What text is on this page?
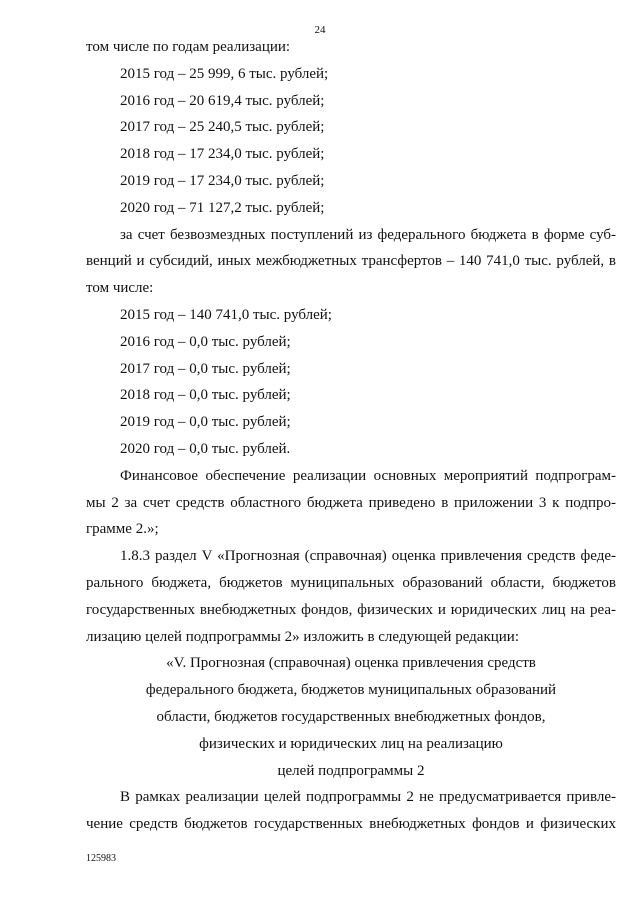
24
том числе по годам реализации:
2015 год – 25 999, 6 тыс. рублей;
2016 год – 20 619,4 тыс. рублей;
2017 год – 25 240,5 тыс. рублей;
2018 год – 17 234,0 тыс. рублей;
2019 год – 17 234,0 тыс. рублей;
2020 год – 71 127,2 тыс. рублей;
за счет безвозмездных поступлений из федерального бюджета в форме суб-
венций и субсидий, иных межбюджетных трансфертов – 140 741,0 тыс. рублей, в
том числе:
2015 год – 140 741,0 тыс. рублей;
2016 год – 0,0 тыс. рублей;
2017 год – 0,0 тыс. рублей;
2018 год – 0,0 тыс. рублей;
2019 год – 0,0 тыс. рублей;
2020 год – 0,0 тыс. рублей.
Финансовое обеспечение реализации основных мероприятий подпрограм-
мы 2 за счет средств областного бюджета приведено в приложении 3 к подпро-
грамме 2.»;
1.8.3 раздел V «Прогнозная (справочная) оценка привлечения средств феде-
рального бюджета, бюджетов муниципальных образований области, бюджетов
государственных внебюджетных фондов, физических и юридических лиц на реа-
лизацию целей подпрограммы 2» изложить в следующей редакции:
«V. Прогнозная (справочная) оценка привлечения средств
федерального бюджета, бюджетов муниципальных образований
области, бюджетов государственных внебюджетных фондов,
физических и юридических лиц на реализацию
целей подпрограммы 2
В рамках реализации целей подпрограммы 2 не предусматривается привле-
чение средств бюджетов государственных внебюджетных фондов и физических
125983
